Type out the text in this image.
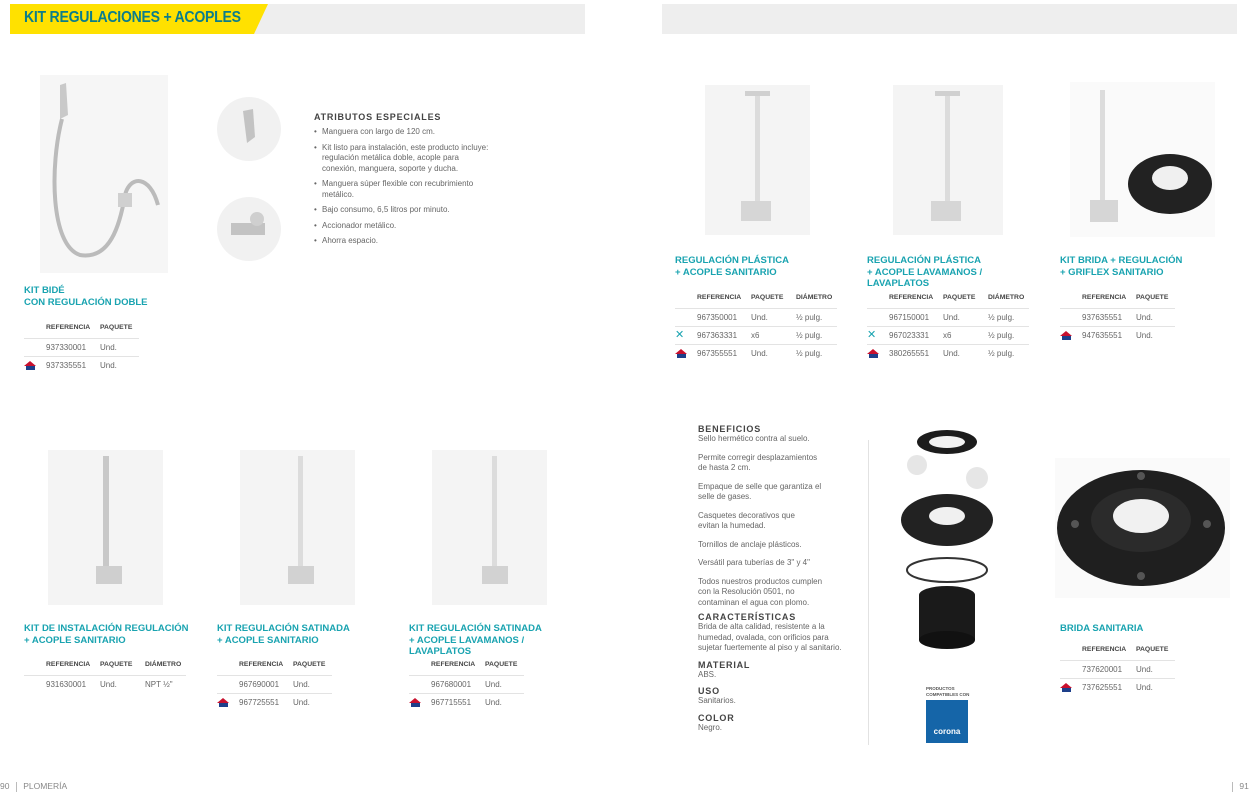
KIT REGULACIONES + ACOPLES
KIT BIDÉ
CON REGULACIÓN DOBLE
	REFERENCIA	PAQUETE
	937330001	Und.
	937335551	Und.
ATRIBUTOS ESPECIALES
• Manguera con largo de 120 cm.
• Kit listo para instalación, este producto incluye: regulación metálica doble, acople para conexión, manguera, soporte y ducha.
• Manguera súper flexible con recubrimiento metálico.
• Bajo consumo, 6,5 litros por minuto.
• Accionador metálico.
• Ahorra espacio.
REGULACIÓN PLÁSTICA
+ ACOPLE SANITARIO
	REFERENCIA	PAQUETE	DIÁMETRO
	967350001	Und.	½ pulg.
✕	967363331	x6	½ pulg.
	967355551	Und.	½ pulg.
REGULACIÓN PLÁSTICA
+ ACOPLE LAVAMANOS /
LAVAPLATOS
	REFERENCIA	PAQUETE	DIÁMETRO
	967150001	Und.	½ pulg.
✕	967023331	x6	½ pulg.
	380265551	Und.	½ pulg.
KIT BRIDA + REGULACIÓN
+ GRIFLEX SANITARIO
	REFERENCIA	PAQUETE
	937635551	Und.
	947635551	Und.
KIT DE INSTALACIÓN REGULACIÓN
+ ACOPLE SANITARIO
	REFERENCIA	PAQUETE	DIÁMETRO
	931630001	Und.	NPT ½"
KIT REGULACIÓN SATINADA
+ ACOPLE SANITARIO
	REFERENCIA	PAQUETE
	967690001	Und.
	967725551	Und.
KIT REGULACIÓN SATINADA
+ ACOPLE LAVAMANOS /
LAVAPLATOS
	REFERENCIA	PAQUETE
	967680001	Und.
	967715551	Und.
BENEFICIOS
Sello hermético contra al suelo.
Permite corregir desplazamientos de hasta 2 cm.
Empaque de selle que garantiza el selle de gases.
Casquetes decorativos que evitan la humedad.
Tornillos de anclaje plásticos.
Versátil para tuberías de 3" y 4"
Todos nuestros productos cumplen con la Resolución 0501, no contaminan el agua con plomo.
CARACTERÍSTICAS
Brida de alta calidad, resistente a la humedad, ovalada, con orificios para sujetar fuertemente al piso y al sanitario.
MATERIAL
ABS.
USO
Sanitarios.
COLOR
Negro.
PRODUCTOS
COMPATIBLES CON
corona
BRIDA SANITARIA
	REFERENCIA	PAQUETE
	737620001	Und.
	737625551	Und.
90 PLOMERÍA	91
